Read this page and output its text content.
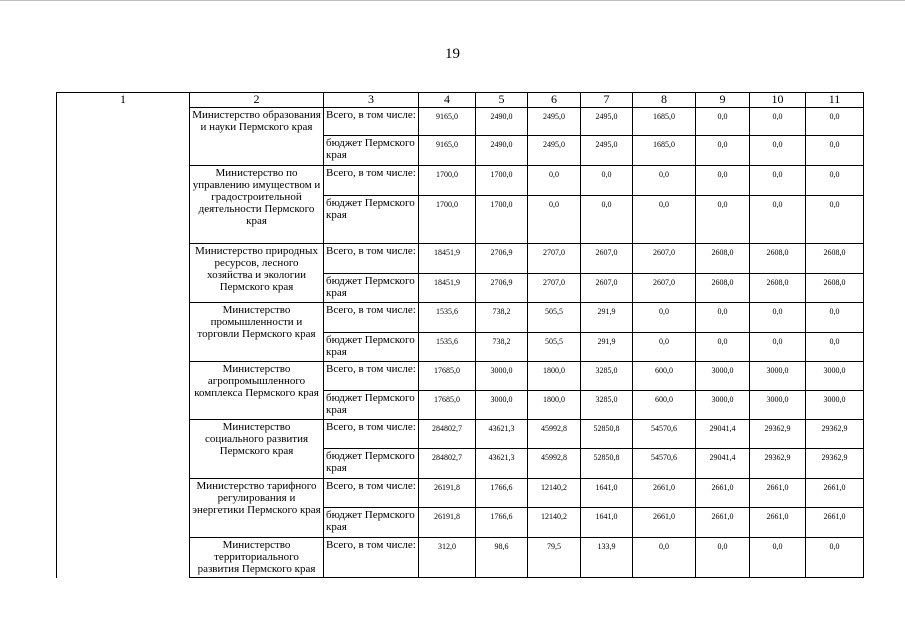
19
1	2	3	4	5	6	7	8	9	10	11
	Министерство образования и науки Пермского края	Всего, в том числе:	9165,0	2490,0	2495,0	2495,0	1685,0	0,0	0,0	0,0
		бюджет Пермского края	9165,0	2490,0	2495,0	2495,0	1685,0	0,0	0,0	0,0
	Министерство по управлению имуществом и градостроительной деятельности Пермского края	Всего, в том числе:	1700,0	1700,0	0,0	0,0	0,0	0,0	0,0	0,0
		бюджет Пермского края	1700,0	1700,0	0,0	0,0	0,0	0,0	0,0	0,0
	Министерство природных ресурсов, лесного хозяйства и экологии Пермского края	Всего, в том числе:	18451,9	2706,9	2707,0	2607,0	2607,0	2608,0	2608,0	2608,0
		бюджет Пермского края	18451,9	2706,9	2707,0	2607,0	2607,0	2608,0	2608,0	2608,0
	Министерство промышленности и торговли Пермского края	Всего, в том числе:	1535,6	738,2	505,5	291,9	0,0	0,0	0,0	0,0
		бюджет Пермского края	1535,6	738,2	505,5	291,9	0,0	0,0	0,0	0,0
	Министерство агропромышленного комплекса Пермского края	Всего, в том числе:	17685,0	3000,0	1800,0	3285,0	600,0	3000,0	3000,0	3000,0
		бюджет Пермского края	17685,0	3000,0	1800,0	3285,0	600,0	3000,0	3000,0	3000,0
	Министерство социального развития Пермского края	Всего, в том числе:	284802,7	43621,3	45992,8	52850,8	54570,6	29041,4	29362,9	29362,9
		бюджет Пермского края	284802,7	43621,3	45992,8	52850,8	54570,6	29041,4	29362,9	29362,9
	Министерство тарифного регулирования и энергетики Пермского края	Всего, в том числе:	26191,8	1766,6	12140,2	1641,0	2661,0	2661,0	2661,0	2661,0
		бюджет Пермского края	26191,8	1766,6	12140,2	1641,0	2661,0	2661,0	2661,0	2661,0
	Министерство территориального развития Пермского края	Всего, в том числе:	312,0	98,6	79,5	133,9	0,0	0,0	0,0	0,0
